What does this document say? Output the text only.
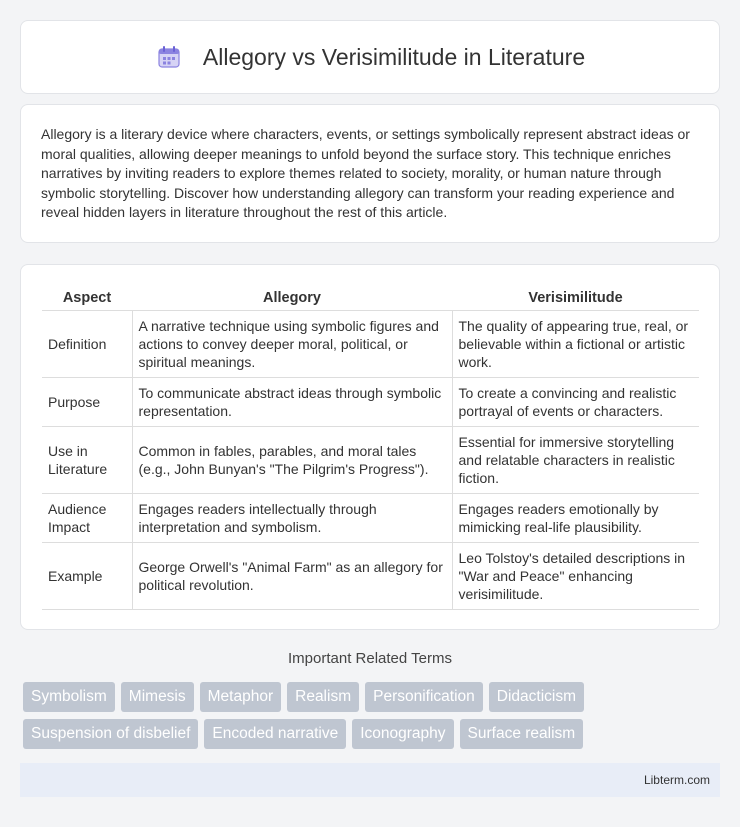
Allegory vs Verisimilitude in Literature

Allegory is a literary device where characters, events, or settings symbolically represent abstract ideas or moral qualities, allowing deeper meanings to unfold beyond the surface story. This technique enriches narratives by inviting readers to explore themes related to society, morality, or human nature through symbolic storytelling. Discover how understanding allegory can transform your reading experience and reveal hidden layers in literature throughout the rest of this article.

Aspect	Allegory	Verisimilitude
Definition	A narrative technique using symbolic figures and actions to convey deeper moral, political, or spiritual meanings.	The quality of appearing true, real, or believable within a fictional or artistic work.
Purpose	To communicate abstract ideas through symbolic representation.	To create a convincing and realistic portrayal of events or characters.
Use in Literature	Common in fables, parables, and moral tales (e.g., John Bunyan's "The Pilgrim's Progress").	Essential for immersive storytelling and relatable characters in realistic fiction.
Audience Impact	Engages readers intellectually through interpretation and symbolism.	Engages readers emotionally by mimicking real-life plausibility.
Example	George Orwell's "Animal Farm" as an allegory for political revolution.	Leo Tolstoy's detailed descriptions in "War and Peace" enhancing verisimilitude.
Important Related Terms
Symbolism	Mimesis	Metaphor	Realism	Personification	Didacticism
Suspension of disbelief	Encoded narrative	Iconography	Surface realism
Libterm.com
